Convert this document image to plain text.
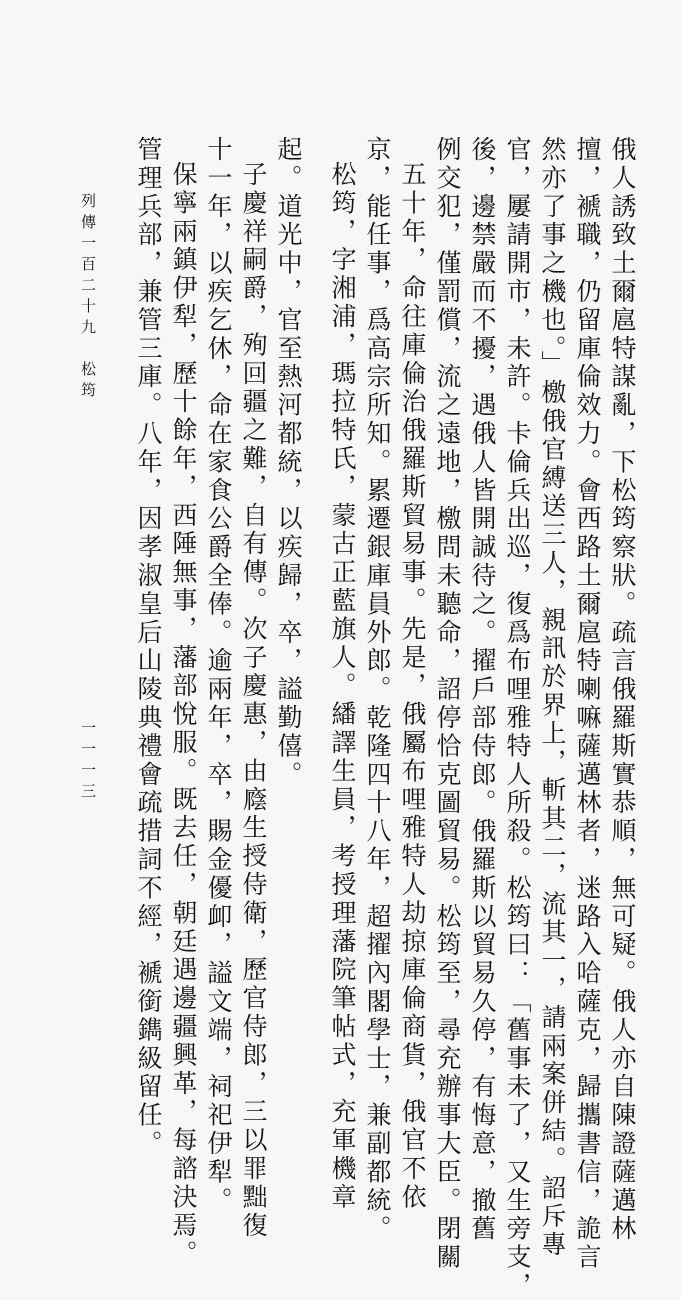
管理兵部，兼管三庫。八年，因孝淑皇后山陵典禮會疏措詞不經，褫銜鐫級留任。 保寧兩鎮伊犁，歷十餘年，西陲無事，藩部悅服。既去任，朝廷遇邊疆興革，每諮決焉。 十一年，以疾乞休，命在家食公爵全俸。逾兩年，卒，賜金優卹，謚文端，祠祀伊犁。 子慶祥嗣爵，殉回疆之難，自有傳。次子慶惠，由廕生授侍衛，歷官侍郎，三以罪黜復 起。道光中，官至熱河都統，以疾歸，卒，謚勤僖。 松筠，字湘浦，瑪拉特氏，蒙古正藍旗人。繙譯生員，考授理藩院筆帖式，充軍機章 京，能任事，爲高宗所知。累遷銀庫員外郎。乾隆四十八年，超擢內閣學士，兼副都統。 五十年，命往庫倫治俄羅斯貿易事。先是，俄屬布哩雅特人劫掠庫倫商貨，俄官不依 例交犯，僅罰償，流之遠地，檄問未聽命，詔停恰克圖貿易。松筠至，尋充辦事大臣。閉關 後，邊禁嚴而不擾，遇俄人皆開誠待之。擢戶部侍郎。俄羅斯以貿易久停，有悔意，撤舊 官，屢請開市，未許。卡倫兵出巡，復爲布哩雅特人所殺。松筠曰：「舊事未了，又生旁支， 然亦了事之機也。」檄俄官縛送三人，親訊於界上，斬其二，流其一，請兩案併結。詔斥專 擅，褫職，仍留庫倫效力。會西路土爾扈特喇嘛薩邁林者，迷路入哈薩克，歸攜書信，詭言 俄人誘致土爾扈特謀亂，下松筠察狀。疏言俄羅斯實恭順，無可疑。俄人亦自陳證薩邁林
列傳一百二十九　松筠
一一一三
